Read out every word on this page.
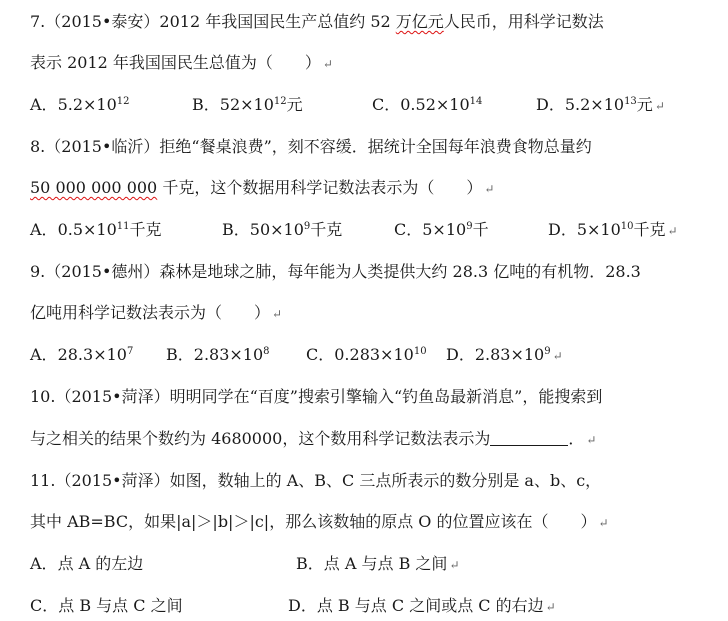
7.（2015•泰安）2012 年我国国民生产总值约 52 万亿元人民币，用科学记数法
表示 2012 年我国国民生总值为（　　） ↵
A．$5.2\times 10^{12}$	B．$52\times 10^{12}$元	C．$0.52\times 10^{14}$	D．$5.2\times 10^{13}$元 ↵
8.（2015•临沂）拒绝“餐桌浪费”，刻不容缓．据统计全国每年浪费食物总量约
50 000 000 000 千克，这个数据用科学记数法表示为（　　） ↵
A．$0.5\times 10^{11}$千克	B．$50\times 10^9$千克	C．$5\times 10^9$千	D．$5\times 10^{10}$千克 ↵
9.（2015•德州）森林是地球之肺，每年能为人类提供大约 28.3 亿吨的有机物．28.3
亿吨用科学记数法表示为（　　） ↵
A．$28.3\times 10^7$ B．$2.83\times 10^8$ C．$0.283\times 10^{10}$ D．$2.83\times 10^9$ ↵
10.（2015•菏泽）明明同学在“百度”搜索引擎输入“钓鱼岛最新消息”，能搜索到
与之相关的结果个数约为 4680000，这个数用科学记数法表示为	． ↵
11.（2015•菏泽）如图，数轴上的 A、B、C 三点所表示的数分别是 a、b、c，
其中 AB=BC，如果|a|＞|b|＞|c|，那么该数轴的原点 O 的位置应该在（　　） ↵
A．点 A 的左边	B．点 A 与点 B 之间 ↵
C．点 B 与点 C 之间	D．点 B 与点 C 之间或点 C 的右边 ↵
